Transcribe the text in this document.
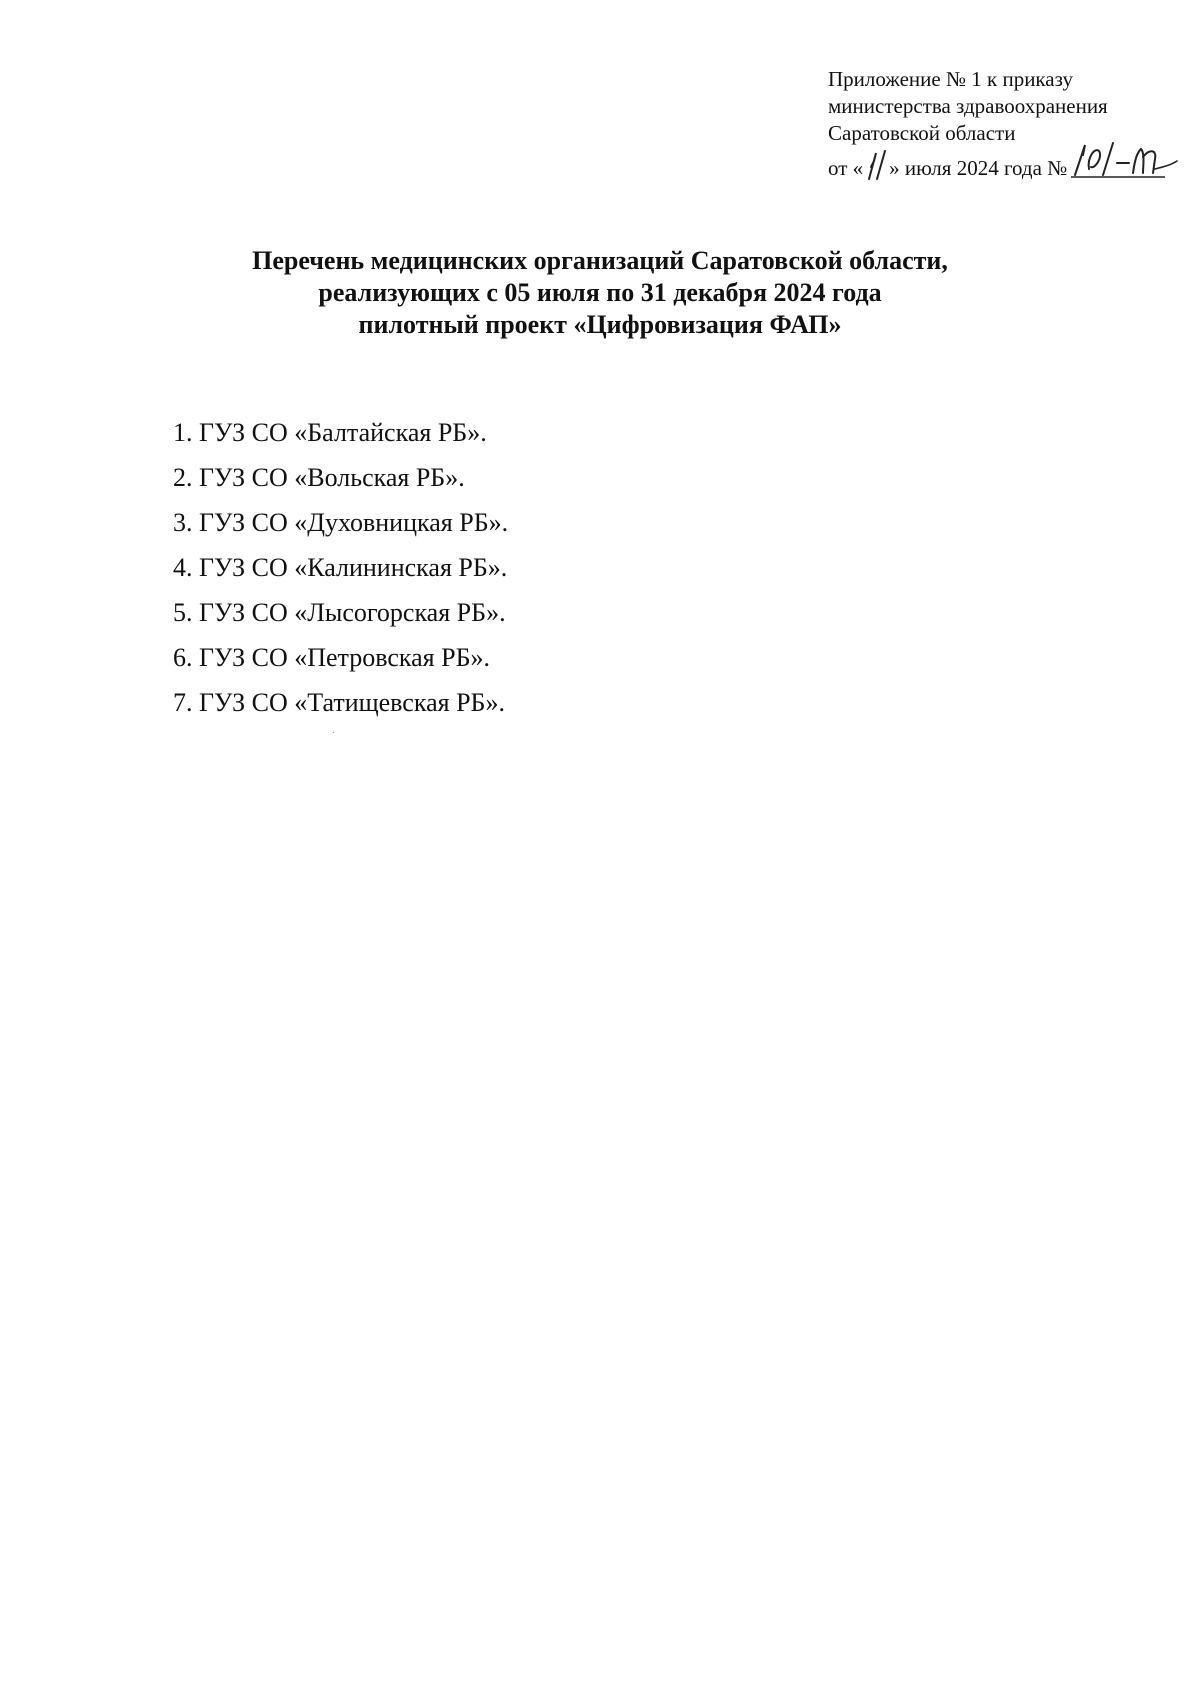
Приложение № 1 к приказу
министерства здравоохранения
Саратовской области
от « » июля 2024 года №
Перечень медицинских организаций Саратовской области,
реализующих с 05 июля по 31 декабря 2024 года
пилотный проект «Цифровизация ФАП»
1. ГУЗ СО «Балтайская РБ».
2. ГУЗ СО «Вольская РБ».
3. ГУЗ СО «Духовницкая РБ».
4. ГУЗ СО «Калининская РБ».
5. ГУЗ СО «Лысогорская РБ».
6. ГУЗ СО «Петровская РБ».
7. ГУЗ СО «Татищевская РБ».
